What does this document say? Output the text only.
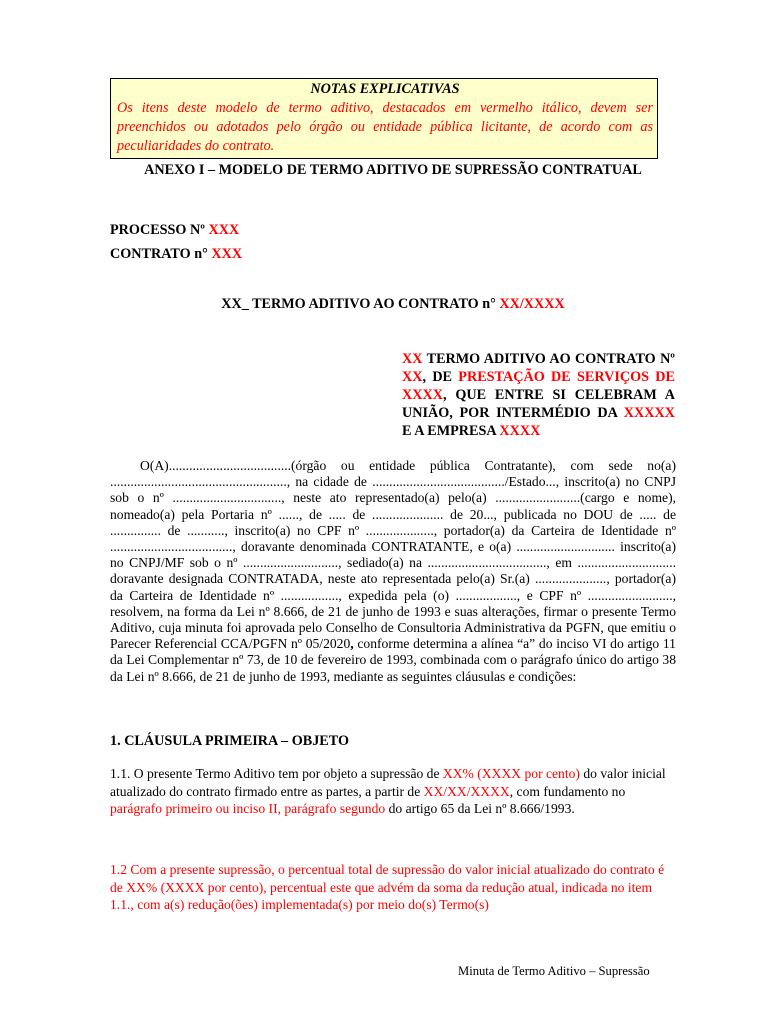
NOTAS EXPLICATIVAS
Os itens deste modelo de termo aditivo, destacados em vermelho itálico, devem ser preenchidos ou adotados pelo órgão ou entidade pública licitante, de acordo com as peculiaridades do contrato.
ANEXO I – MODELO DE TERMO ADITIVO DE SUPRESSÃO CONTRATUAL
PROCESSO Nº XXX
CONTRATO n° XXX
XX_ TERMO ADITIVO AO CONTRATO n° XX/XXXX
XX TERMO ADITIVO AO CONTRATO Nº XX, DE PRESTAÇÃO DE SERVIÇOS DE XXXX, QUE ENTRE SI CELEBRAM A UNIÃO, POR INTERMÉDIO DA XXXXX E A EMPRESA XXXX

O(A)....................................(órgão ou entidade pública Contratante), com sede no(a) ...................................................., na cidade de ......................................./Estado..., inscrito(a) no CNPJ sob o nº ................................, neste ato representado(a) pelo(a) .........................(cargo e nome), nomeado(a) pela Portaria nº ......, de ..... de ..................... de 20..., publicada no DOU de ..... de ............... de ..........., inscrito(a) no CPF nº ...................., portador(a) da Carteira de Identidade nº ...................................., doravante denominada CONTRATANTE, e o(a) ............................. inscrito(a) no CNPJ/MF sob o nº ............................, sediado(a) na ..................................., em ............................. doravante designada CONTRATADA, neste ato representada pelo(a) Sr.(a) ....................., portador(a) da Carteira de Identidade nº ................., expedida pela (o) .................., e CPF nº ........................., resolvem, na forma da Lei nº 8.666, de 21 de junho de 1993 e suas alterações, firmar o presente Termo Aditivo, cuja minuta foi aprovada pelo Conselho de Consultoria Administrativa da PGFN, que emitiu o Parecer Referencial CCA/PGFN nº 05/2020, conforme determina a alínea “a” do inciso VI do artigo 11 da Lei Complementar nº 73, de 10 de fevereiro de 1993, combinada com o parágrafo único do artigo 38 da Lei nº 8.666, de 21 de junho de 1993, mediante as seguintes cláusulas e condições:

1. CLÁUSULA PRIMEIRA – OBJETO
1.1. O presente Termo Aditivo tem por objeto a supressão de XX% (XXXX por cento) do valor inicial atualizado do contrato firmado entre as partes, a partir de XX/XX/XXXX, com fundamento no parágrafo primeiro ou inciso II, parágrafo segundo do artigo 65 da Lei nº 8.666/1993.
1.2 Com a presente supressão, o percentual total de supressão do valor inicial atualizado do contrato é de XX% (XXXX por cento), percentual este que advém da soma da redução atual, indicada no item 1.1., com a(s) redução(ões) implementada(s) por meio do(s) Termo(s)
Minuta de Termo Aditivo – Supressão
